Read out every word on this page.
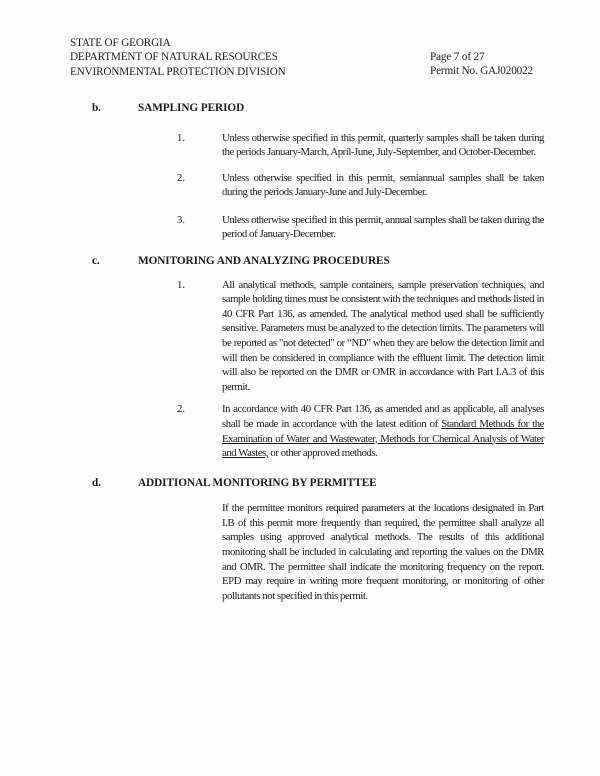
STATE OF GEORGIA
DEPARTMENT OF NATURAL RESOURCES
ENVIRONMENTAL PROTECTION DIVISION
Page 7 of 27
Permit No. GAJ020022
b.	SAMPLING PERIOD
1.	Unless otherwise specified in this permit, quarterly samples shall be taken during the periods January-March, April-June, July-September, and October-December.

2.	Unless otherwise specified in this permit, semiannual samples shall be taken during the periods January-June and July-December.

3.	Unless otherwise specified in this permit, annual samples shall be taken during the period of January-December.

c.	MONITORING AND ANALYZING PROCEDURES
1.	All analytical methods, sample containers, sample preservation techniques, and sample holding times must be consistent with the techniques and methods listed in 40 CFR Part 136, as amended. The analytical method used shall be sufficiently sensitive. Parameters must be analyzed to the detection limits. The parameters will be reported as "not detected" or “ND” when they are below the detection limit and will then be considered in compliance with the effluent limit. The detection limit will also be reported on the DMR or OMR in accordance with Part I.A.3 of this permit.

2.	In accordance with 40 CFR Part 136, as amended and as applicable, all analyses shall be made in accordance with the latest edition of Standard Methods for the Examination of Water and Wastewater, Methods for Chemical Analysis of Water and Wastes, or other approved methods.

d.	ADDITIONAL MONITORING BY PERMITTEE
If the permittee monitors required parameters at the locations designated in Part I.B of this permit more frequently than required, the permittee shall analyze all samples using approved analytical methods. The results of this additional monitoring shall be included in calculating and reporting the values on the DMR and OMR. The permittee shall indicate the monitoring frequency on the report. EPD may require in writing more frequent monitoring, or monitoring of other pollutants not specified in this permit.
